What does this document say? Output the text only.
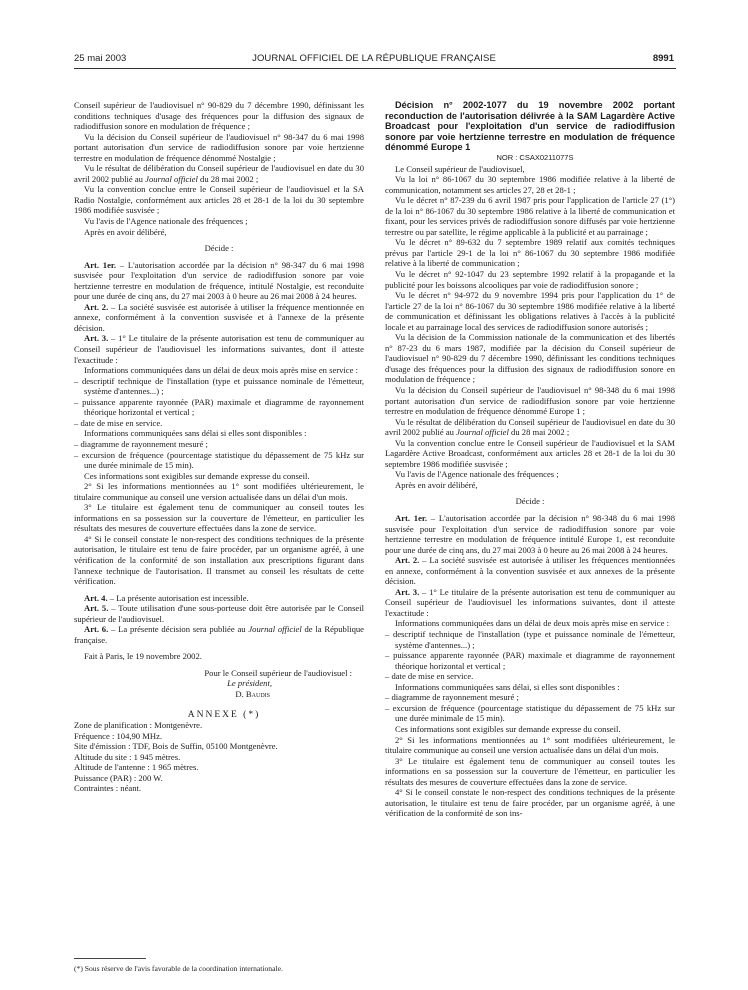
25 mai 2003	JOURNAL OFFICIEL DE LA RÉPUBLIQUE FRANÇAISE	8991

Conseil supérieur de l'audiovisuel n° 90-829 du 7 décembre 1990, définissant les conditions techniques d'usage des fréquences pour la diffusion des signaux de radiodiffusion sonore en modulation de fréquence ;

Vu la décision du Conseil supérieur de l'audiovisuel n° 98-347 du 6 mai 1998 portant autorisation d'un service de radiodiffusion sonore par voie hertzienne terrestre en modulation de fréquence dénommé Nostalgie ;

Vu le résultat de délibération du Conseil supérieur de l'audiovisuel en date du 30 avril 2002 publié au Journal officiel du 28 mai 2002 ;

Vu la convention conclue entre le Conseil supérieur de l'audiovisuel et la SA Radio Nostalgie, conformément aux articles 28 et 28-1 de la loi du 30 septembre 1986 modifiée susvisée ;

Vu l'avis de l'Agence nationale des fréquences ;

Après en avoir délibéré,

Décide :

Art. 1er. – L'autorisation accordée par la décision n° 98-347 du 6 mai 1998 susvisée pour l'exploitation d'un service de radiodiffusion sonore par voie hertzienne terrestre en modulation de fréquence, intitulé Nostalgie, est reconduite pour une durée de cinq ans, du 27 mai 2003 à 0 heure au 26 mai 2008 à 24 heures.

Art. 2. – La société susvisée est autorisée à utiliser la fréquence mentionnée en annexe, conformément à la convention susvisée et à l'annexe de la présente décision.

Art. 3. – 1° Le titulaire de la présente autorisation est tenu de communiquer au Conseil supérieur de l'audiovisuel les informations suivantes, dont il atteste l'exactitude :

Informations communiquées dans un délai de deux mois après mise en service :

– descriptif technique de l'installation (type et puissance nominale de l'émetteur, système d'antennes...) ;

– puissance apparente rayonnée (PAR) maximale et diagramme de rayonnement théorique horizontal et vertical ;

– date de mise en service.

Informations communiquées sans délai si elles sont disponibles :

– diagramme de rayonnement mesuré ;

– excursion de fréquence (pourcentage statistique du dépassement de 75 kHz sur une durée minimale de 15 min).

Ces informations sont exigibles sur demande expresse du conseil.

2° Si les informations mentionnées au 1° sont modifiées ultérieurement, le titulaire communique au conseil une version actualisée dans un délai d'un mois.

3° Le titulaire est également tenu de communiquer au conseil toutes les informations en sa possession sur la couverture de l'émetteur, en particulier les résultats des mesures de couverture effectuées dans la zone de service.

4° Si le conseil constate le non-respect des conditions techniques de la présente autorisation, le titulaire est tenu de faire procéder, par un organisme agréé, à une vérification de la conformité de son installation aux prescriptions figurant dans l'annexe technique de l'autorisation. Il transmet au conseil les résultats de cette vérification.

Art. 4. – La présente autorisation est incessible.

Art. 5. – Toute utilisation d'une sous-porteuse doit être autorisée par le Conseil supérieur de l'audiovisuel.

Art. 6. – La présente décision sera publiée au Journal officiel de la République française.

Fait à Paris, le 19 novembre 2002.

Pour le Conseil supérieur de l'audiovisuel :

Le président,

D. Baudis

ANNEXE (*)

Zone de planification : Montgenèvre.

Fréquence : 104,90 MHz.

Site d'émission : TDF, Bois de Suffin, 05100 Montgenèvre.

Altitude du site : 1 945 mètres.

Altitude de l'antenne : 1 965 mètres.

Puissance (PAR) : 200 W.

Contraintes : néant.

(*) Sous réserve de l'avis favorable de la coordination internationale.

Décision n° 2002-1077 du 19 novembre 2002 portant reconduction de l'autorisation délivrée à la SAM Lagardère Active Broadcast pour l'exploitation d'un service de radiodiffusion sonore par voie hertzienne terrestre en modulation de fréquence dénommé Europe 1

NOR : CSAX0211077S

Le Conseil supérieur de l'audiovisuel,

Vu la loi n° 86-1067 du 30 septembre 1986 modifiée relative à la liberté de communication, notamment ses articles 27, 28 et 28-1 ;

Vu le décret n° 87-239 du 6 avril 1987 pris pour l'application de l'article 27 (1°) de la loi n° 86-1067 du 30 septembre 1986 relative à la liberté de communication et fixant, pour les services privés de radiodiffusion sonore diffusés par voie hertzienne terrestre ou par satellite, le régime applicable à la publicité et au parrainage ;

Vu le décret n° 89-632 du 7 septembre 1989 relatif aux comités techniques prévus par l'article 29-1 de la loi n° 86-1067 du 30 septembre 1986 modifiée relative à la liberté de communication ;

Vu le décret n° 92-1047 du 23 septembre 1992 relatif à la propagande et la publicité pour les boissons alcooliques par voie de radiodiffusion sonore ;

Vu le décret n° 94-972 du 9 novembre 1994 pris pour l'application du 1° de l'article 27 de la loi n° 86-1067 du 30 septembre 1986 modifiée relative à la liberté de communication et définissant les obligations relatives à l'accès à la publicité locale et au parrainage local des services de radiodiffusion sonore autorisés ;

Vu la décision de la Commission nationale de la communication et des libertés n° 87-23 du 6 mars 1987, modifiée par la décision du Conseil supérieur de l'audiovisuel n° 90-829 du 7 décembre 1990, définissant les conditions techniques d'usage des fréquences pour la diffusion des signaux de radiodiffusion sonore en modulation de fréquence ;

Vu la décision du Conseil supérieur de l'audiovisuel n° 98-348 du 6 mai 1998 portant autorisation d'un service de radiodiffusion sonore par voie hertzienne terrestre en modulation de fréquence dénommé Europe 1 ;

Vu le résultat de délibération du Conseil supérieur de l'audiovisuel en date du 30 avril 2002 publié au Journal officiel du 28 mai 2002 ;

Vu la convention conclue entre le Conseil supérieur de l'audiovisuel et la SAM Lagardère Active Broadcast, conformément aux articles 28 et 28-1 de la loi du 30 septembre 1986 modifiée susvisée ;

Vu l'avis de l'Agence nationale des fréquences ;

Après en avoir délibéré,

Décide :

Art. 1er. – L'autorisation accordée par la décision n° 98-348 du 6 mai 1998 susvisée pour l'exploitation d'un service de radiodiffusion sonore par voie hertzienne terrestre en modulation de fréquence intitulé Europe 1, est reconduite pour une durée de cinq ans, du 27 mai 2003 à 0 heure au 26 mai 2008 à 24 heures.

Art. 2. – La société susvisée est autorisée à utiliser les fréquences mentionnées en annexe, conformément à la convention susvisée et aux annexes de la présente décision.

Art. 3. – 1° Le titulaire de la présente autorisation est tenu de communiquer au Conseil supérieur de l'audiovisuel les informations suivantes, dont il atteste l'exactitude :

Informations communiquées dans un délai de deux mois après mise en service :

– descriptif technique de l'installation (type et puissance nominale de l'émetteur, système d'antennes...) ;

– puissance apparente rayonnée (PAR) maximale et diagramme de rayonnement théorique horizontal et vertical ;

– date de mise en service.

Informations communiquées sans délai, si elles sont disponibles :

– diagramme de rayonnement mesuré ;

– excursion de fréquence (pourcentage statistique du dépassement de 75 kHz sur une durée minimale de 15 min).

Ces informations sont exigibles sur demande expresse du conseil.

2° Si les informations mentionnées au 1° sont modifiées ultérieurement, le titulaire communique au conseil une version actualisée dans un délai d'un mois.

3° Le titulaire est également tenu de communiquer au conseil toutes les informations en sa possession sur la couverture de l'émetteur, en particulier les résultats des mesures de couverture effectuées dans la zone de service.

4° Si le conseil constate le non-respect des conditions techniques de la présente autorisation, le titulaire est tenu de faire procéder, par un organisme agréé, à une vérification de la conformité de son ins-
